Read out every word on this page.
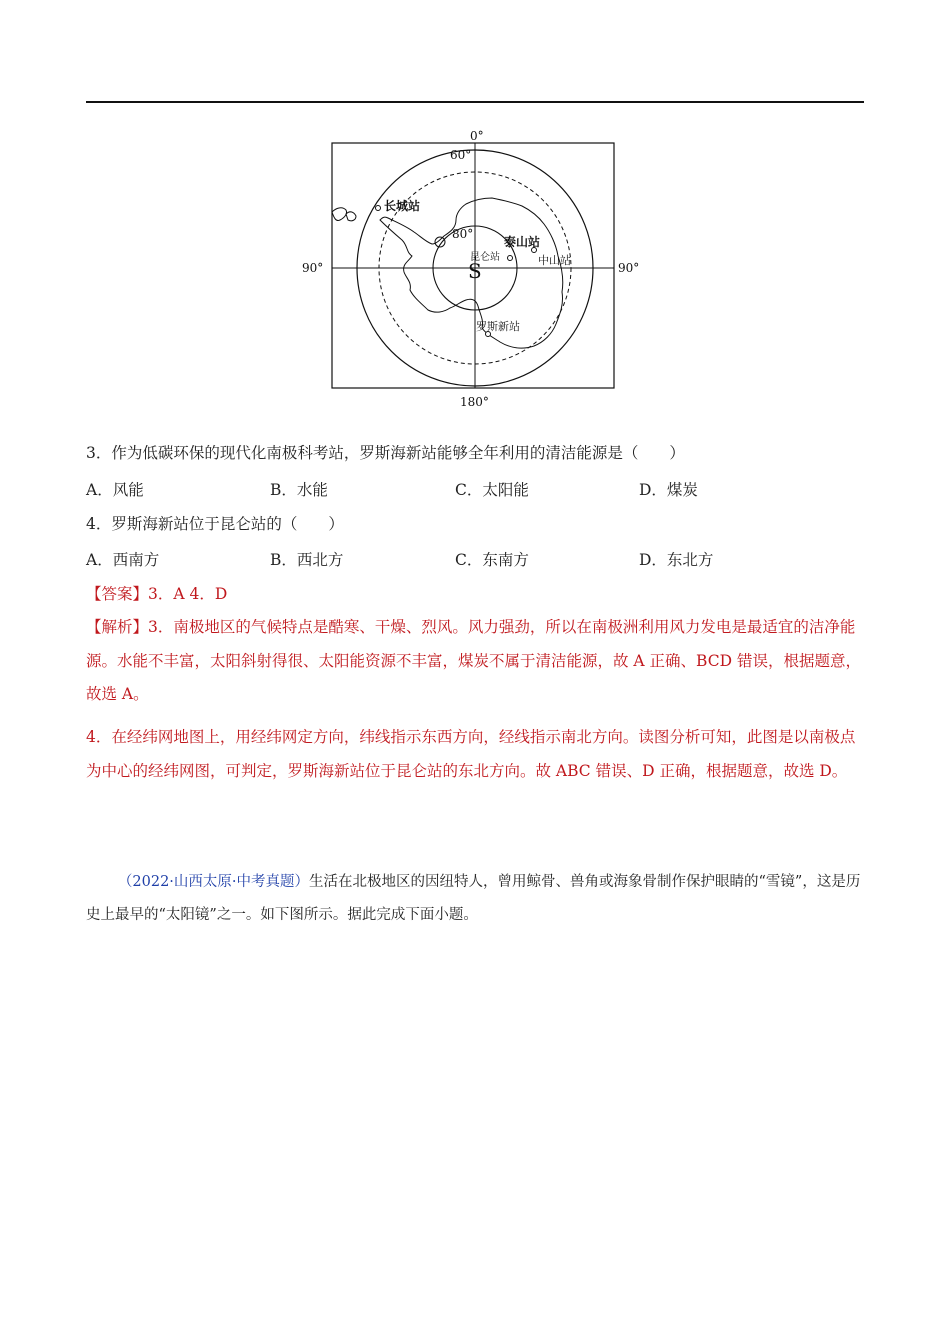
0°
60°
80°
90°	90°
180°
S
长城站
泰山站
昆仑站	中山站
罗斯新站
3．作为低碳环保的现代化南极科考站，罗斯海新站能够全年利用的清洁能源是（　　）
A．风能	B．水能	C．太阳能	D．煤炭
4．罗斯海新站位于昆仑站的（　　）
A．西南方	B．西北方	C．东南方	D．东北方
【答案】3．A 4．D
【解析】3．南极地区的气候特点是酷寒、干燥、烈风。风力强劲，所以在南极洲利用风力发电是最适宜的洁净能源。水能不丰富，太阳斜射得很、太阳能资源不丰富，煤炭不属于清洁能源，故 A 正确、BCD 错误，根据题意，故选 A。
4．在经纬网地图上，用经纬网定方向，纬线指示东西方向，经线指示南北方向。读图分析可知，此图是以南极点为中心的经纬网图，可判定，罗斯海新站位于昆仑站的东北方向。故 ABC 错误、D 正确，根据题意，故选 D。
（2022·山西太原·中考真题）生活在北极地区的因纽特人，曾用鲸骨、兽角或海象骨制作保护眼睛的“雪镜”，这是历史上最早的“太阳镜”之一。如下图所示。据此完成下面小题。
